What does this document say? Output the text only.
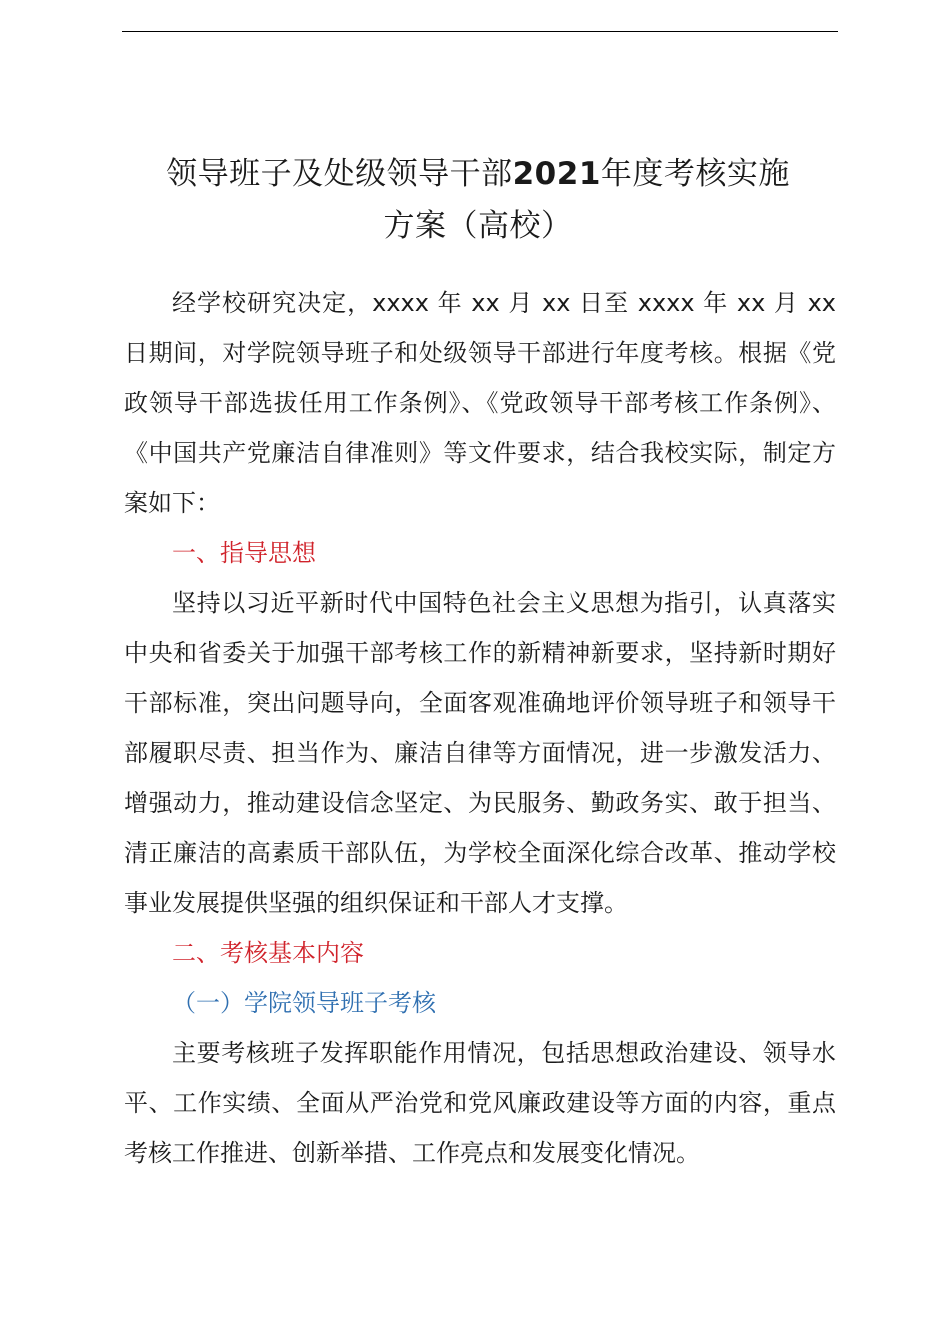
领导班子及处级领导干部2021年度考核实施
方案（高校）

经学校研究决定，xxxx 年 xx 月 xx 日至 xxxx 年 xx 月 xx 日期间，对学院领导班子和处级领导干部进行年度考核。根据《党政领导干部选拔任用工作条例》、《党政领导干部考核工作条例》、《中国共产党廉洁自律准则》等文件要求，结合我校实际，制定方案如下：

一、指导思想

坚持以习近平新时代中国特色社会主义思想为指引，认真落实中央和省委关于加强干部考核工作的新精神新要求，坚持新时期好干部标准，突出问题导向，全面客观准确地评价领导班子和领导干部履职尽责、担当作为、廉洁自律等方面情况，进一步激发活力、增强动力，推动建设信念坚定、为民服务、勤政务实、敢于担当、清正廉洁的高素质干部队伍，为学校全面深化综合改革、推动学校事业发展提供坚强的组织保证和干部人才支撑。

二、考核基本内容

（一）学院领导班子考核

主要考核班子发挥职能作用情况，包括思想政治建设、领导水平、工作实绩、全面从严治党和党风廉政建设等方面的内容，重点考核工作推进、创新举措、工作亮点和发展变化情况。
